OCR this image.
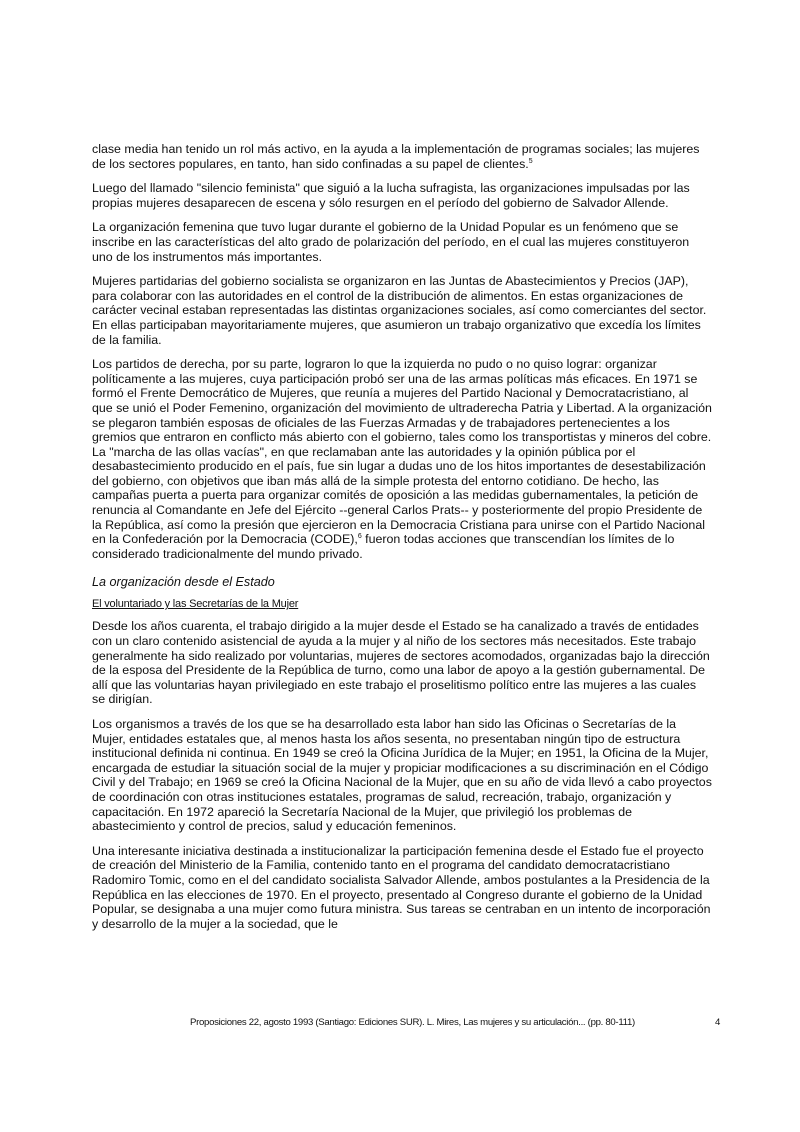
clase media han tenido un rol más activo, en la ayuda a la implementación de programas sociales; las mujeres de los sectores populares, en tanto, han sido confinadas a su papel de clientes.$^5$

Luego del llamado "silencio feminista" que siguió a la lucha sufragista, las organizaciones impulsadas por las propias mujeres desaparecen de escena y sólo resurgen en el período del gobierno de Salvador Allende.

La organización femenina que tuvo lugar durante el gobierno de la Unidad Popular es un fenómeno que se inscribe en las características del alto grado de polarización del período, en el cual las mujeres constituyeron uno de los instrumentos más importantes.

Mujeres partidarias del gobierno socialista se organizaron en las Juntas de Abastecimientos y Precios (JAP), para colaborar con las autoridades en el control de la distribución de alimentos. En estas organizaciones de carácter vecinal estaban representadas las distintas organizaciones sociales, así como comerciantes del sector. En ellas participaban mayoritariamente mujeres, que asumieron un trabajo organizativo que excedía los límites de la familia.

Los partidos de derecha, por su parte, lograron lo que la izquierda no pudo o no quiso lograr: organizar políticamente a las mujeres, cuya participación probó ser una de las armas políticas más eficaces. En 1971 se formó el Frente Democrático de Mujeres, que reunía a mujeres del Partido Nacional y Democratacristiano, al que se unió el Poder Femenino, organización del movimiento de ultraderecha Patria y Libertad. A la organización se plegaron también esposas de oficiales de las Fuerzas Armadas y de trabajadores pertenecientes a los gremios que entraron en conflicto más abierto con el gobierno, tales como los transportistas y mineros del cobre. La "marcha de las ollas vacías", en que reclamaban ante las autoridades y la opinión pública por el desabastecimiento producido en el país, fue sin lugar a dudas uno de los hitos importantes de desestabilización del gobierno, con objetivos que iban más allá de la simple protesta del entorno cotidiano. De hecho, las campañas puerta a puerta para organizar comités de oposición a las medidas gubernamentales, la petición de renuncia al Comandante en Jefe del Ejército --general Carlos Prats-- y posteriormente del propio Presidente de la República, así como la presión que ejercieron en la Democracia Cristiana para unirse con el Partido Nacional en la Confederación por la Democracia (CODE),$^6$ fueron todas acciones que transcendían los límites de lo considerado tradicionalmente del mundo privado.

La organización desde el Estado
El voluntariado y las Secretarías de la Mujer

Desde los años cuarenta, el trabajo dirigido a la mujer desde el Estado se ha canalizado a través de entidades con un claro contenido asistencial de ayuda a la mujer y al niño de los sectores más necesitados. Este trabajo generalmente ha sido realizado por voluntarias, mujeres de sectores acomodados, organizadas bajo la dirección de la esposa del Presidente de la República de turno, como una labor de apoyo a la gestión gubernamental. De allí que las voluntarias hayan privilegiado en este trabajo el proselitismo político entre las mujeres a las cuales se dirigían.

Los organismos a través de los que se ha desarrollado esta labor han sido las Oficinas o Secretarías de la Mujer, entidades estatales que, al menos hasta los años sesenta, no presentaban ningún tipo de estructura institucional definida ni continua. En 1949 se creó la Oficina Jurídica de la Mujer; en 1951, la Oficina de la Mujer, encargada de estudiar la situación social de la mujer y propiciar modificaciones a su discriminación en el Código Civil y del Trabajo; en 1969 se creó la Oficina Nacional de la Mujer, que en su año de vida llevó a cabo proyectos de coordinación con otras instituciones estatales, programas de salud, recreación, trabajo, organización y capacitación. En 1972 apareció la Secretaría Nacional de la Mujer, que privilegió los problemas de abastecimiento y control de precios, salud y educación femeninos.

Una interesante iniciativa destinada a institucionalizar la participación femenina desde el Estado fue el proyecto de creación del Ministerio de la Familia, contenido tanto en el programa del candidato democratacristiano Radomiro Tomic, como en el del candidato socialista Salvador Allende, ambos postulantes a la Presidencia de la República en las elecciones de 1970. En el proyecto, presentado al Congreso durante el gobierno de la Unidad Popular, se designaba a una mujer como futura ministra. Sus tareas se centraban en un intento de incorporación y desarrollo de la mujer a la sociedad, que le

Proposiciones 22, agosto 1993 (Santiago: Ediciones SUR). L. Mires, Las mujeres y su articulación... (pp. 80-111)	4
